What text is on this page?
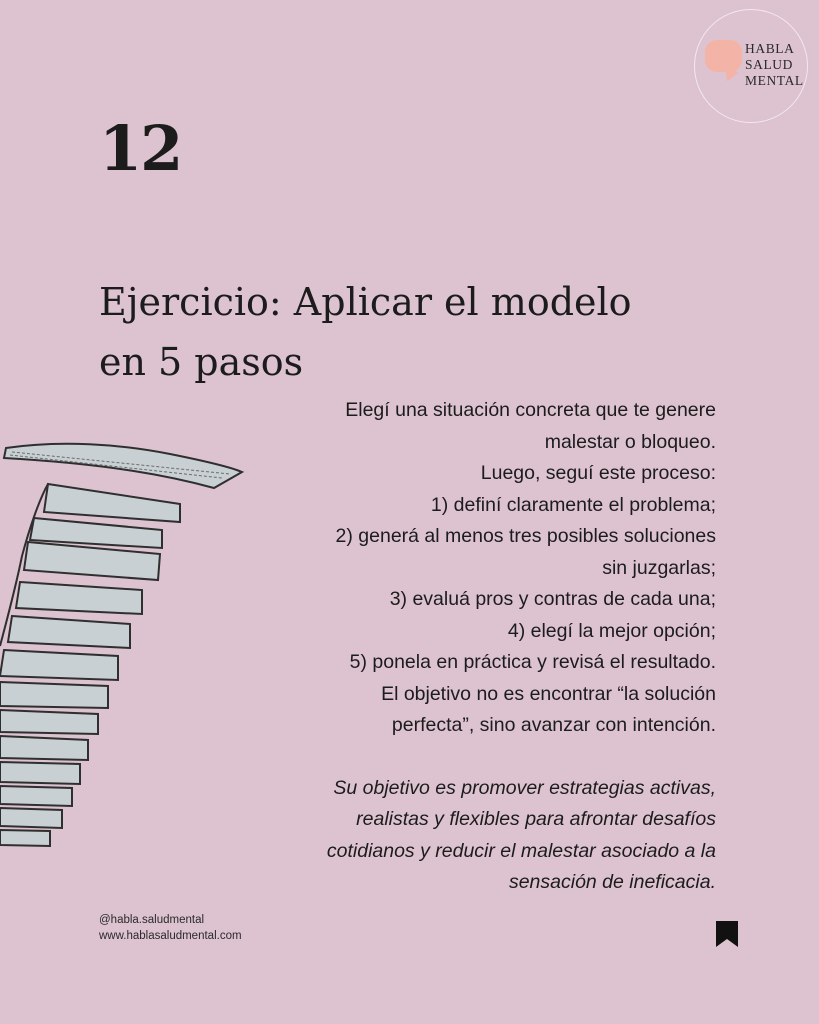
HABLA
SALUD
MENTAL
12
Ejercicio: Aplicar el modelo
en 5 pasos
Elegí una situación concreta que te genere
malestar o bloqueo.
Luego, seguí este proceso:
1) definí claramente el problema;
2) generá al menos tres posibles soluciones
sin juzgarlas;
3) evaluá pros y contras de cada una;
4) elegí la mejor opción;
5) ponela en práctica y revisá el resultado.
El objetivo no es encontrar “la solución
perfecta”, sino avanzar con intención.
Su objetivo es promover estrategias activas,
realistas y flexibles para afrontar desafíos
cotidianos y reducir el malestar asociado a la
sensación de ineficacia.
@habla.saludmental
www.hablasaludmental.com
